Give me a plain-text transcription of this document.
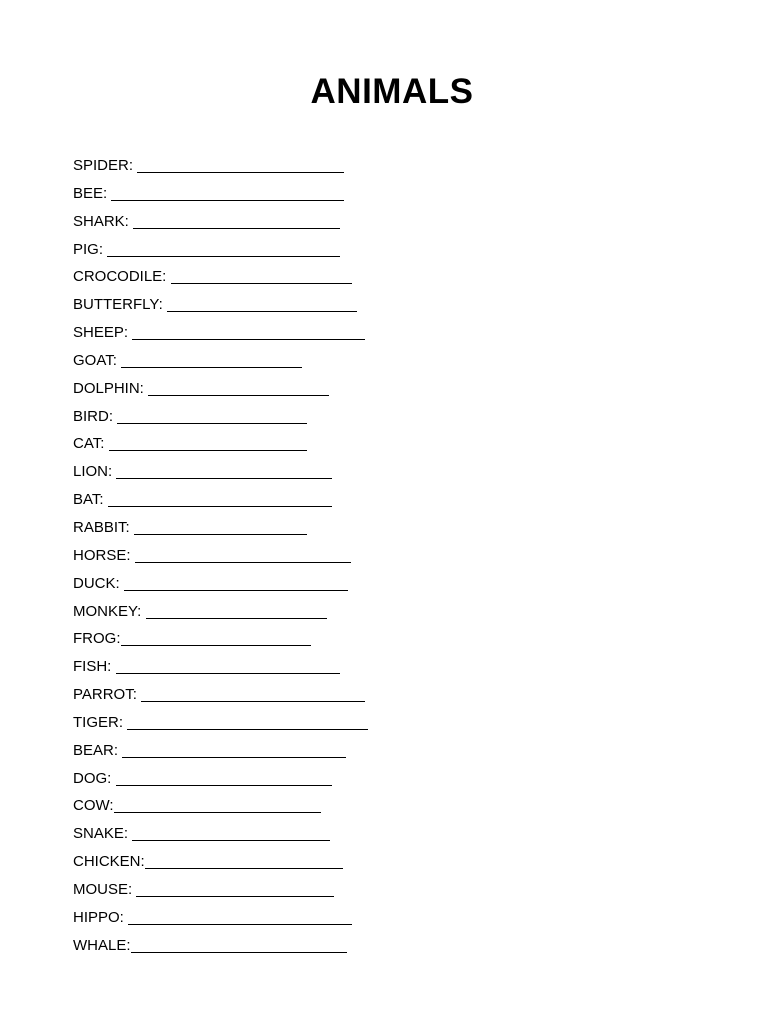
ANIMALS
SPIDER:
BEE:
SHARK:
PIG:
CROCODILE:
BUTTERFLY:
SHEEP:
GOAT:
DOLPHIN:
BIRD:
CAT:
LION:
BAT:
RABBIT:
HORSE:
DUCK:
MONKEY:
FROG:
FISH:
PARROT:
TIGER:
BEAR:
DOG:
COW:
SNAKE:
CHICKEN:
MOUSE:
HIPPO:
WHALE:
